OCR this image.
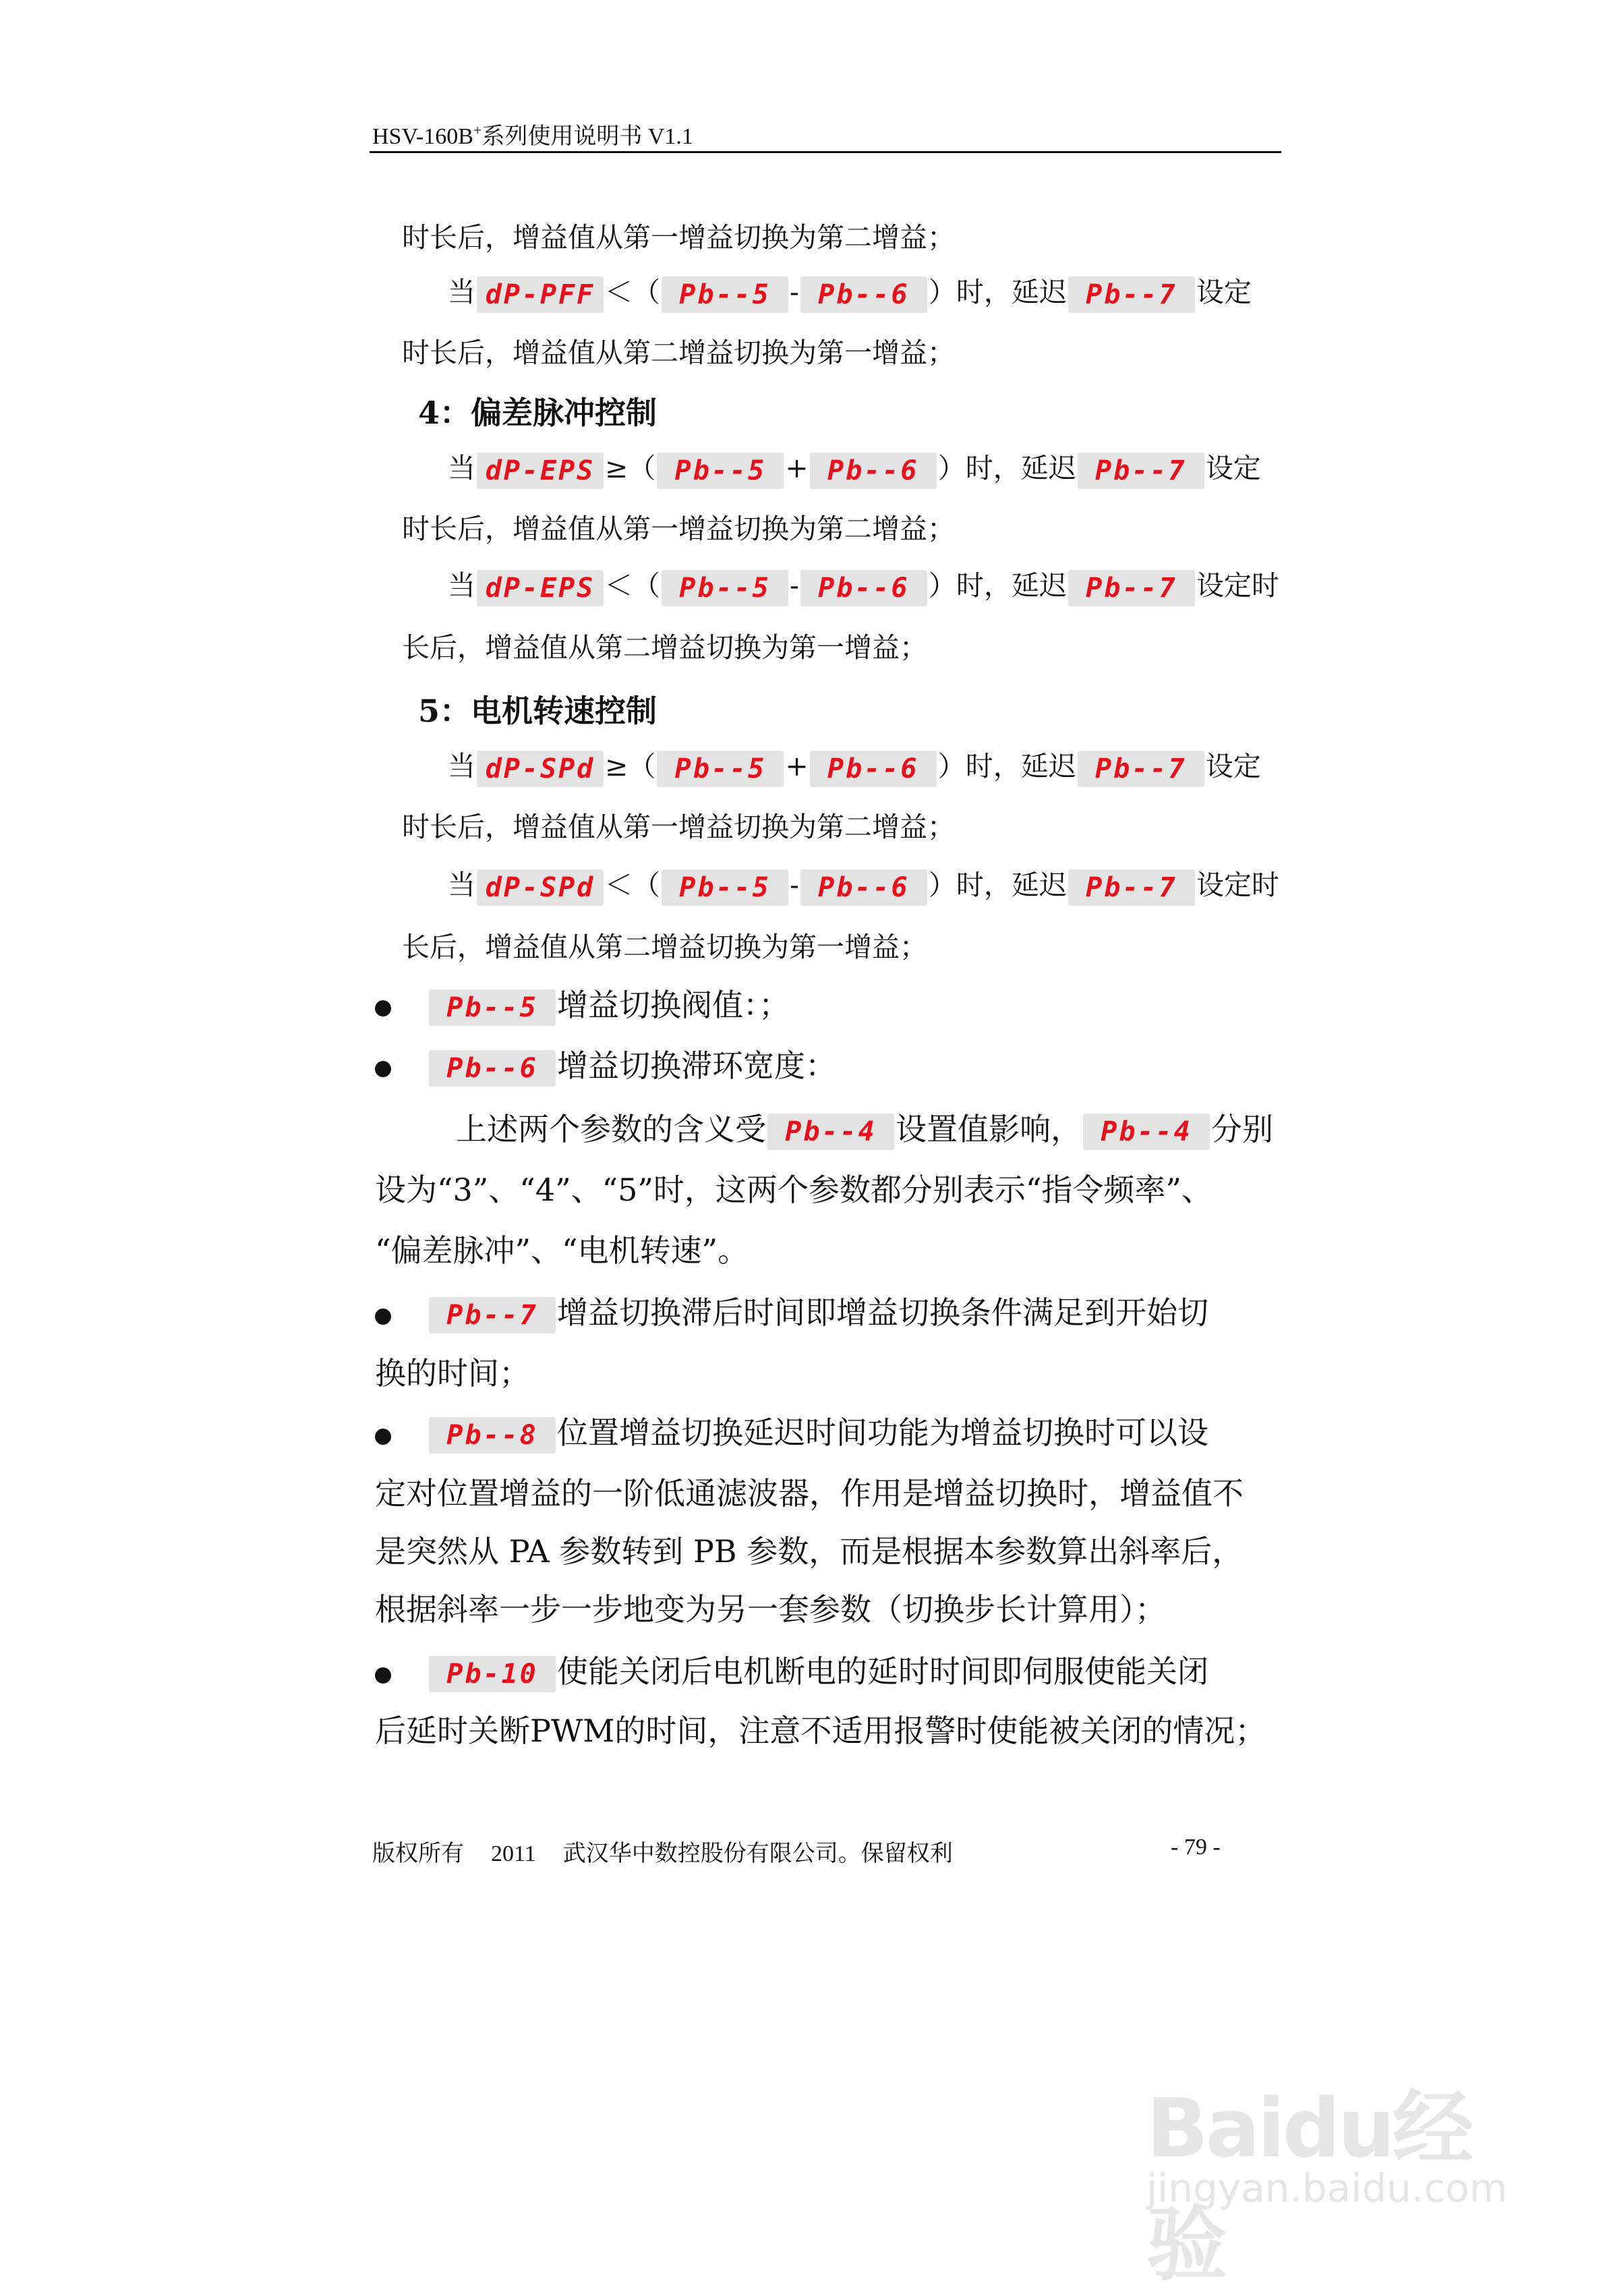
HSV-160B+系列使用说明书 V1.1
时长后，增益值从第一增益切换为第二增益；
当 dP-PFF ＜（ Pb--5 - Pb--6 ）时，延迟 Pb--7 设定
时长后，增益值从第二增益切换为第一增益；
4：偏差脉冲控制
当 dP-EPS ≥（ Pb--5 + Pb--6 ）时，延迟 Pb--7 设定
时长后，增益值从第一增益切换为第二增益；
当 dP-EPS ＜（ Pb--5 - Pb--6 ）时，延迟 Pb--7 设定时
长后，增益值从第二增益切换为第一增益；
5：电机转速控制
当 dP-SPd ≥（ Pb--5 + Pb--6 ）时，延迟 Pb--7 设定
时长后，增益值从第一增益切换为第二增益；
当 dP-SPd ＜（ Pb--5 - Pb--6 ）时，延迟 Pb--7 设定时
长后，增益值从第二增益切换为第一增益；
Pb--5 增益切换阀值：；
Pb--6 增益切换滞环宽度：
上述两个参数的含义受 Pb--4 设置值影响， Pb--4 分别
设为“3”、“4”、“5”时，这两个参数都分别表示“指令频率”、
“偏差脉冲”、“电机转速”。
Pb--7 增益切换滞后时间即增益切换条件满足到开始切
换的时间；
Pb--8 位置增益切换延迟时间功能为增益切换时可以设
定对位置增益的一阶低通滤波器，作用是增益切换时，增益值不
是突然从 PA 参数转到 PB 参数，而是根据本参数算出斜率后，
根据斜率一步一步地变为另一套参数（切换步长计算用）；
Pb-10 使能关闭后电机断电的延时时间即伺服使能关闭
后延时关断PWM的时间，注意不适用报警时使能被关闭的情况；
版权所有 2011 武汉华中数控股份有限公司。保留权利	- 79 -
Baidu经验
jingyan.baidu.com
